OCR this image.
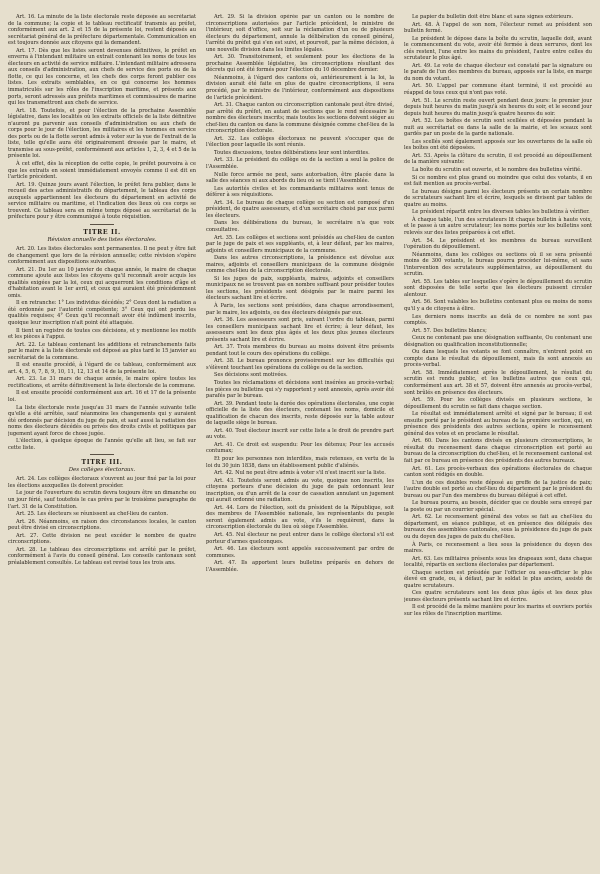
Art. 16. La minute de la liste électorale reste déposée au secrétariat de la commune; la copie et le tableau rectificatif transmis au préfet, conformément aux art. 2 et 15 de la présente loi, restent déposés au secrétariat général de la préfecture départementale. Communication en est toujours donnée aux citoyens qui la demandent.

Art. 17. Dès que les listes seront devenues définitives, le préfet en enverra à l'intendant militaire un extrait contenant les noms de tous les électeurs en activité de service militaire. L'intendant militaire adressera aux conseils d'administration, aux chefs de service des ports ou de la flotte, ce qui les concerne, et les chefs des corps feront publier ces listes. Les extraits semblables, en ce qui concerne les hommes immatriculés sur les rôles de l'inscription maritime, et présents aux ports, seront adressés aux préfets maritimes et commissaires de marine qui les transmettront aux chefs de service.

Art. 18. Toutefois, et pour l'élection de la prochaine Assemblée législative, dans les localités où les extraits officiels de la liste définitive n'auront pu parvenir aux conseils d'administration ou aux chefs de corps pour le jour de l'élection, les militaires et les hommes en service des ports ou de la flotte seront admis à voter sur la vue de l'extrait de la liste, telle qu'elle aura été originairement dressée par le maire, et transmise au sous-préfet, conformément aux articles 1, 2, 3, 4 et 5 de la présente loi.

À cet effet, dès la réception de cette copie, le préfet pourvoira à ce que les extraits en soient immédiatement envoyés comme il est dit en l'article précédent.

Art. 19. Quinze jours avant l'élection, le préfet fera publier, dans le recueil des actes administratifs du département, le tableau des corps auxquels appartiennent les électeurs du département en activité de service militaire ou maritime, et l'indication des lieux où ces corps se trouvent. Ce tableau sera en même temps déposé au secrétariat de la préfecture pour y être communiqué à toute réquisition.

TITRE II.
Révision annuelle des listes électorales.

Art. 20. Les listes électorales sont permanentes. Il ne peut y être fait de changement que lors de la révision annuelle; cette révision s'opère conformément aux dispositions suivantes.

Art. 21. Du 1er au 10 janvier de chaque année, le maire de chaque commune ajoute aux listes les citoyens qu'il reconnaît avoir acquis les qualités exigées par la loi, ceux qui acquerront les conditions d'âge et d'habitation avant le 1er avril, et ceux qui auraient été précédemment omis.

Il en retranche: 1° Les individus décédés; 2° Ceux dont la radiation a été ordonnée par l'autorité compétente; 3° Ceux qui ont perdu les qualités requises; 4° Ceux qu'il reconnaît avoir été indûment inscrits, quoique leur inscription n'ait point été attaquée.

Il tient un registre de toutes ces décisions, et y mentionne les motifs et les pièces à l'appui.

Art. 22. Le tableau contenant les additions et retranchements faits par le maire à la liste électorale est déposé au plus tard le 15 janvier au secrétariat de la commune.

Il est ensuite procédé, à l'égard de ce tableau, conformément aux art. 4, 5, 6, 7, 8, 9, 10, 11, 12, 13 et 14 de la présente loi.

Art. 23. Le 31 mars de chaque année, le maire opère toutes les rectifications, et arrête définitivement la liste électorale de la commune.

Il est ensuite procédé conformément aux art. 16 et 17 de la présente loi.

La liste électorale reste jusqu'au 31 mars de l'année suivante telle qu'elle a été arrêtée, sauf néanmoins les changements qui y auraient été ordonnés par décision du juge de paix, et sauf aussi la radiation des noms des électeurs décédés ou privés des droits civils et politiques par jugement ayant force de chose jugée.

L'élection, à quelque époque de l'année qu'elle ait lieu, se fait sur cette liste.

TITRE III.
Des collèges électoraux.

Art. 24. Les collèges électoraux s'ouvrent au jour fixé par la loi pour les élections auxquelles ils doivent procéder.

Le jour de l'ouverture du scrutin devra toujours être un dimanche ou un jour férié, sauf toutefois le cas prévu par le troisième paragraphe de l'art. 31 de la Constitution.

Art. 25. Les électeurs se réunissent au chef-lieu de canton.

Art. 26. Néanmoins, en raison des circonstances locales, le canton peut être divisé en circonscriptions.

Art. 27. Cette division ne peut excéder le nombre de quatre circonscriptions.

Art. 28. Le tableau des circonscriptions est arrêté par le préfet, conformément à l'avis du conseil général. Les conseils cantonaux sont préalablement consultés. Le tableau est revisé tous les trois ans.

Art. 29. Si la division opérée par un canton ou le nombre de circonscriptions autorisées par l'article précédent, le ministre de l'intérieur, soit d'office, soit sur la réclamation d'un ou de plusieurs électeurs du département, annule la délibération du conseil général, l'arrêté du préfet qui s'en est suivi, et pourvoit, par la même décision, à une nouvelle division dans les limites légales.

Art. 30. Transitoirement, et seulement pour les élections de la prochaine Assemblée législative, les circonscriptions résultant des décrets qui ont été formés pour l'élection du 10 décembre dernier.

Néanmoins, à l'égard des cantons où, antérieurement à la loi, la division aurait été faite en plus de quatre circonscriptions, il sera procédé, par le ministre de l'intérieur, conformément aux dispositions de l'article précédent.

Art. 31. Chaque canton ou circonscription cantonale peut être divisé, par arrêté du préfet, en autant de sections que le rend nécessaire le nombre des électeurs inscrits; mais toutes les sections doivent siéger au chef-lieu du canton ou dans la commune désignée comme chef-lieu de la circonscription électorale.

Art. 32. Les collèges électoraux ne peuvent s'occuper que de l'élection pour laquelle ils sont réunis.

Toutes discussions, toutes délibérations leur sont interdites.

Art. 33. Le président du collège ou de la section a seul la police de l'Assemblée.

Nulle force armée ne peut, sans autorisation, être placée dans la salle des séances ni aux abords du lieu où se tient l'Assemblée.

Les autorités civiles et les commandants militaires sont tenus de déférer à ses réquisitions.

Art. 34. Le bureau de chaque collège ou section est composé d'un président, de quatre assesseurs, et d'un secrétaire choisi par eux parmi les électeurs.

Dans les délibérations du bureau, le secrétaire n'a que voix consultative.

Art. 35. Les collèges et sections sont présidés au chef-lieu de canton par le juge de paix et ses suppléants, et, à leur défaut, par les maires, adjoints et conseillers municipaux de la commune.

Dans les autres circonscriptions, la présidence est dévolue aux maires, adjoints et conseillers municipaux de la commune désignée comme chef-lieu de la circonscription électorale.

Si les juges de paix, suppléants, maires, adjoints et conseillers municipaux ne se trouvent pas en nombre suffisant pour présider toutes les sections, les présidents sont désignés par le maire parmi les électeurs sachant lire et écrire.

À Paris, les sections sont présidées, dans chaque arrondissement, par le maire, les adjoints, ou des électeurs désignés par eux.

Art. 36. Les assesseurs sont pris, suivant l'ordre du tableau, parmi les conseillers municipaux sachant lire et écrire; à leur défaut, les assesseurs sont les deux plus âgés et les deux plus jeunes électeurs présents sachant lire et écrire.

Art. 37. Trois membres du bureau au moins doivent être présents pendant tout le cours des opérations du collège.

Art. 38. Le bureau prononce provisoirement sur les difficultés qui s'élèvent touchant les opérations du collège ou de la section.

Ses décisions sont motivées.

Toutes les réclamations et décisions sont insérées au procès-verbal; les pièces ou bulletins qui s'y rapportent y sont annexés, après avoir été parafés par le bureau.

Art. 39. Pendant toute la durée des opérations électorales, une copie officielle de la liste des électeurs, contenant les noms, domicile et qualification de chacun des inscrits, reste déposée sur la table autour de laquelle siège le bureau.

Art. 40. Tout électeur inscrit sur cette liste a le droit de prendre part au vote.

Art. 41. Ce droit est suspendu: Pour les détenus; Pour les accusés contumax;

Et pour les personnes non interdites, mais retenues, en vertu de la loi du 30 juin 1838, dans un établissement public d'aliénés.

Art. 42. Nul ne peut être admis à voter s'il n'est inscrit sur la liste.

Art. 43. Toutefois seront admis au vote, quoique non inscrits, les citoyens porteurs d'une décision du juge de paix ordonnant leur inscription, ou d'un arrêt de la cour de cassation annulant un jugement qui aurait ordonné une radiation.

Art. 44. Lors de l'élection, soit du président de la République, soit des membres de l'Assemblée nationale, les représentants du peuple seront également admis au vote, s'ils le requièrent, dans la circonscription électorale du lieu où siège l'Assemblée.

Art. 45. Nul électeur ne peut entrer dans le collège électoral s'il est porteur d'armes quelconques.

Art. 46. Les électeurs sont appelés successivement par ordre de communes.

Art. 47. Ils apportent leurs bulletins préparés en dehors de l'Assemblée.

Le papier du bulletin doit être blanc et sans signes extérieurs.

Art. 48. À l'appel de son nom, l'électeur remet au président son bulletin fermé.

Le président le dépose dans la boîte du scrutin, laquelle doit, avant le commencement du vote, avoir été fermée à deux serrures, dont les clés restent, l'une entre les mains du président, l'autre entre celles du scrutateur le plus âgé.

Art. 49. Le vote de chaque électeur est constaté par la signature ou le parafe de l'un des membres du bureau, apposés sur la liste, en marge du nom du votant.

Art. 50. L'appel par commune étant terminé, il est procédé au réappel de tous ceux qui n'ont pas voté.

Art. 51. Le scrutin reste ouvert pendant deux jours: le premier jour depuis huit heures du matin jusqu'à six heures du soir, et le second jour depuis huit heures du matin jusqu'à quatre heures du soir.

Art. 52. Les boîtes de scrutin sont scellées et déposées pendant la nuit au secrétariat ou dans la salle de la mairie, et les sceaux sont gardés par un poste de la garde nationale.

Les scellés sont également apposés sur les ouvertures de la salle où les boîtes ont été déposées.

Art. 53. Après la clôture du scrutin, il est procédé au dépouillement de la manière suivante:

La boîte du scrutin est ouverte, et le nombre des bulletins vérifié.

Si ce nombre est plus grand ou moindre que celui des votants, il en est fait mention au procès-verbal.

Le bureau désigne parmi les électeurs présents un certain nombre de scrutateurs sachant lire et écrire, lesquels se divisent par tables de quatre au moins.

Le président répartit entre les diverses tables les bulletins à vérifier.

À chaque table, l'un des scrutateurs lit chaque bulletin à haute voix, et le passe à un autre scrutateur; les noms portés sur les bulletins sont relevés sur des listes préparées à cet effet.

Art. 54. Le président et les membres du bureau surveillent l'opération du dépouillement.

Néanmoins, dans les collèges ou sections où il se sera présenté moins de 300 votants, le bureau pourra procéder lui-même, et sans l'intervention des scrutateurs supplémentaires, au dépouillement du scrutin.

Art. 55. Les tables sur lesquelles s'opère le dépouillement du scrutin sont disposées de telle sorte que les électeurs puissent circuler alentour.

Art. 56. Sont valables les bulletins contenant plus ou moins de noms qu'il y a de citoyens à élire.

Les derniers noms inscrits au delà de ce nombre ne sont pas comptés.

Art. 57. Des bulletins blancs;

Ceux ne contenant pas une désignation suffisante, Ou contenant une désignation ou qualification inconstitutionnelle;

Ou dans lesquels les votants se font connaître, n'entrent point en compte dans le résultat du dépouillement, mais ils sont annexés au procès-verbal.

Art. 58. Immédiatement après le dépouillement, le résultat du scrutin est rendu public, et les bulletins autres que ceux qui, conformément aux art. 38 et 57, doivent être annexés au procès-verbal, sont brûlés en présence des électeurs.

Art. 59. Pour les collèges divisés en plusieurs sections, le dépouillement du scrutin se fait dans chaque section.

Le résultat est immédiatement arrêté et signé par le bureau; il est ensuite porté par le président au bureau de la première section, qui, en présence des présidents des autres sections, opère le recensement général des votes et en proclame le résultat.

Art. 60. Dans les cantons divisés en plusieurs circonscriptions, le résultat du recensement dans chaque circonscription est porté au bureau de la circonscription du chef-lieu, et le recensement cantonal est fait par ce bureau en présence des présidents des autres bureaux.

Art. 61. Les procès-verbaux des opérations électorales de chaque canton sont rédigés en double.

L'un de ces doubles reste déposé au greffe de la justice de paix; l'autre double est porté au chef-lieu du département par le président du bureau ou par l'un des membres du bureau délégué à cet effet.

Le bureau pourra, au besoin, décider que ce double sera envoyé par la poste ou par un courrier spécial.

Art. 62. Le recensement général des votes se fait au chef-lieu du département, en séance publique, et en présence des délégués des bureaux des assemblées cantonales, sous la présidence du juge de paix ou du doyen des juges de paix du chef-lieu.

À Paris, ce recensement a lieu sous la présidence du doyen des maires.

Art. 63. Les militaires présents sous les drapeaux sont, dans chaque localité, répartis en sections électorales par département.

Chaque section est présidée par l'officier ou sous-officier le plus élevé en grade, ou, à défaut, par le soldat le plus ancien, assisté de quatre scrutateurs.

Ces quatre scrutateurs sont les deux plus âgés et les deux plus jeunes électeurs présents sachant lire et écrire.

Il est procédé de la même manière pour les marins et ouvriers portés sur les rôles de l'inscription maritime.
